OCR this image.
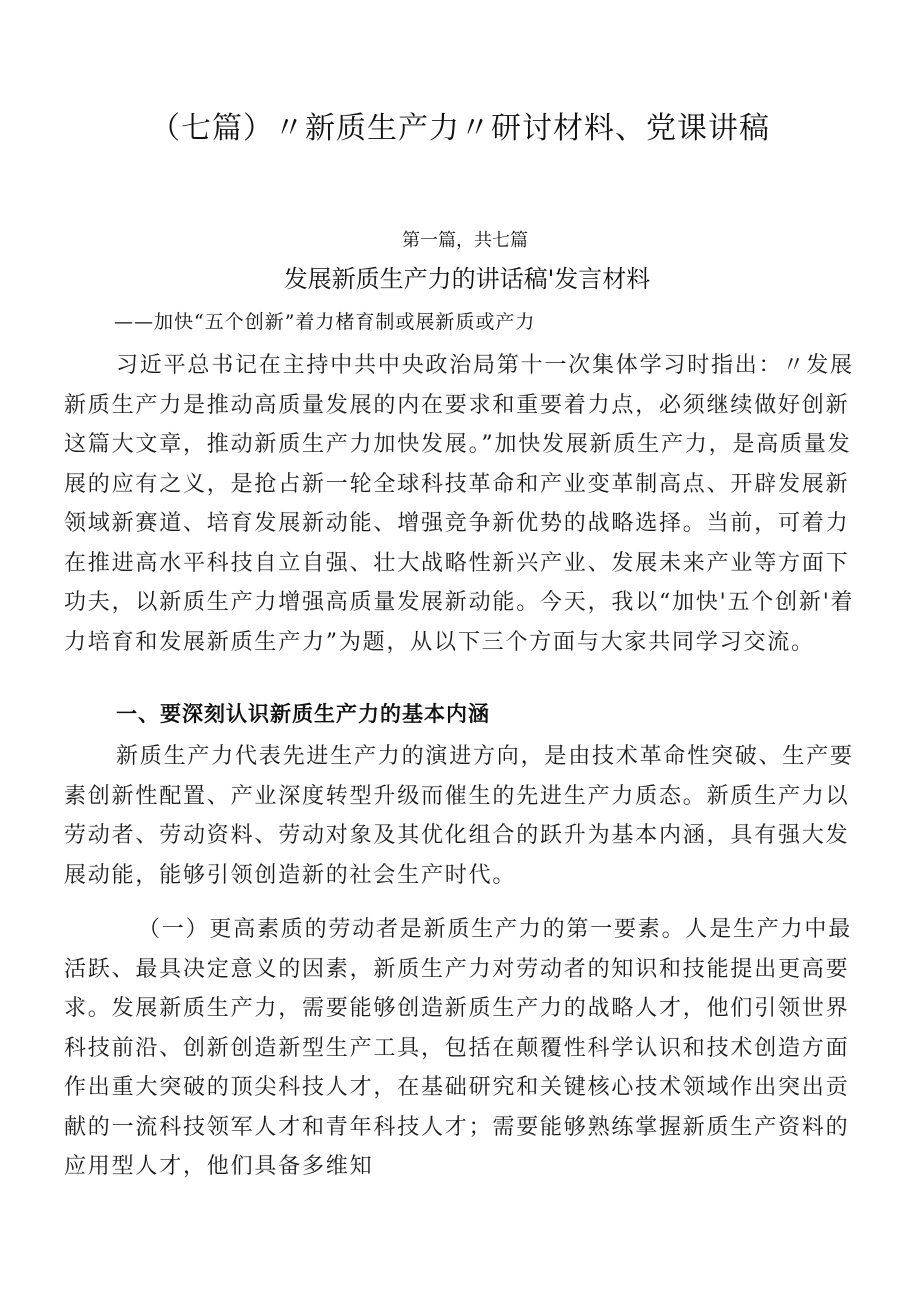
（七篇）〃新质生产力〃研讨材料、党课讲稿
第一篇，共七篇
发展新质生产力的讲话稿'发言材料
——加快“五个创新”着力楮育制或展新质或产力

习近平总书记在主持中共中央政治局第十一次集体学习时指出：〃发展新质生产力是推动高质量发展的内在要求和重要着力点，必须继续做好创新这篇大文章，推动新质生产力加快发展。”加快发展新质生产力，是高质量发展的应有之义，是抢占新一轮全球科技革命和产业变革制高点、开辟发展新领域新赛道、培育发展新动能、增强竞争新优势的战略选择。当前，可着力在推进高水平科技自立自强、壮大战略性新兴产业、发展未来产业等方面下功夫，以新质生产力增强高质量发展新动能。今天，我以“加快'五个创新'着力培育和发展新质生产力”为题，从以下三个方面与大家共同学习交流。

一、要深刻认识新质生产力的基本内涵

新质生产力代表先进生产力的演进方向，是由技术革命性突破、生产要素创新性配置、产业深度转型升级而催生的先进生产力质态。新质生产力以劳动者、劳动资料、劳动对象及其优化组合的跃升为基本内涵，具有强大发展动能，能够引领创造新的社会生产时代。

（一）更高素质的劳动者是新质生产力的第一要素。人是生产力中最活跃、最具决定意义的因素，新质生产力对劳动者的知识和技能提出更高要求。发展新质生产力，需要能够创造新质生产力的战略人才，他们引领世界科技前沿、创新创造新型生产工具，包括在颠覆性科学认识和技术创造方面作出重大突破的顶尖科技人才，在基础研究和关键核心技术领域作出突出贡献的一流科技领军人才和青年科技人才；需要能够熟练掌握新质生产资料的应用型人才，他们具备多维知
